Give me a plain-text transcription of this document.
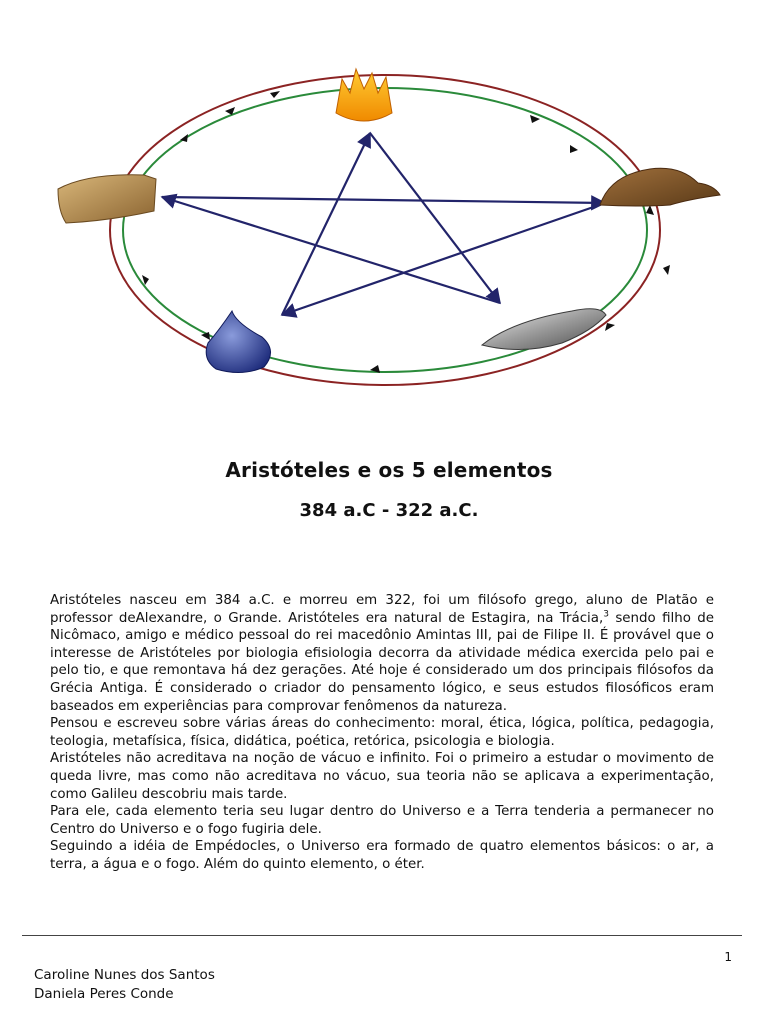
Aristóteles e os 5 elementos
384 a.C - 322 a.C.

Aristóteles nasceu em 384 a.C. e morreu em 322, foi um filósofo grego, aluno de Platão e professor deAlexandre, o Grande. Aristóteles era natural de Estagira, na Trácia,$^3$ sendo filho de Nicômaco, amigo e médico pessoal do rei macedônio Amintas III, pai de Filipe II. É provável que o interesse de Aristóteles por biologia efisiologia decorra da atividade médica exercida pelo pai e pelo tio, e que remontava há dez gerações. Até hoje é considerado um dos principais filósofos da Grécia Antiga. É considerado o criador do pensamento lógico, e seus estudos filosóficos eram baseados em experiências para comprovar fenômenos da natureza.

Pensou e escreveu sobre várias áreas do conhecimento: moral, ética, lógica, política, pedagogia, teologia, metafísica, física, didática, poética, retórica, psicologia e biologia.

Aristóteles não acreditava na noção de vácuo e infinito. Foi o primeiro a estudar o movimento de queda livre, mas como não acreditava no vácuo, sua teoria não se aplicava a experimentação, como Galileu descobriu mais tarde.

Para ele, cada elemento teria seu lugar dentro do Universo e a Terra tenderia a permanecer no Centro do Universo e o fogo fugiria dele.

Seguindo a idéia de Empédocles, o Universo era formado de quatro elementos básicos: o ar, a terra, a água e o fogo. Além do quinto elemento, o éter.

1
Caroline Nunes dos Santos
Daniela Peres Conde
